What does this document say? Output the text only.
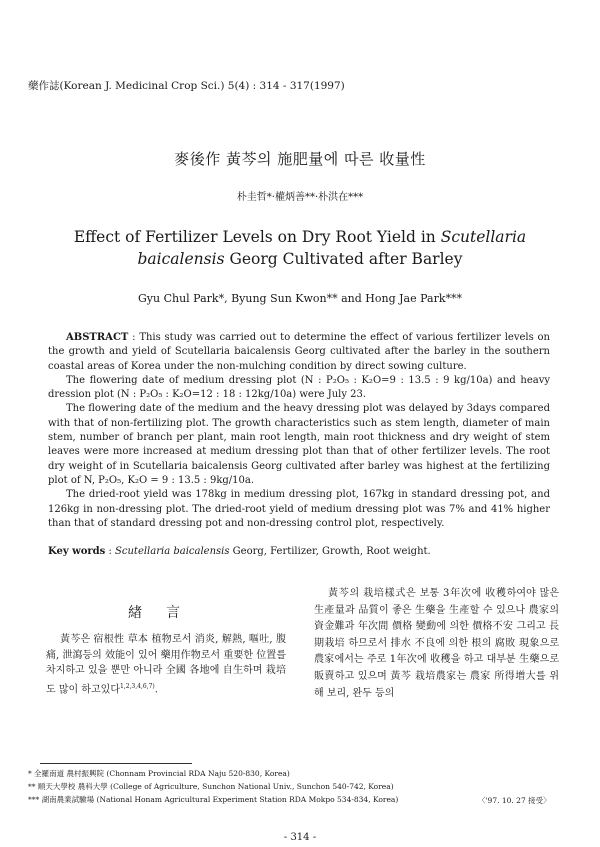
藥作誌(Korean J. Medicinal Crop Sci.) 5(4) : 314 - 317(1997)
麥後作 黃芩의 施肥量에 따른 收量性
朴圭哲*·權炳善**·朴洪在***
Effect of Fertilizer Levels on Dry Root Yield in Scutellaria baicalensis Georg Cultivated after Barley
Gyu Chul Park*, Byung Sun Kwon** and Hong Jae Park***

ABSTRACT : This study was carried out to determine the effect of various fertilizer levels on the growth and yield of Scutellaria baicalensis Georg cultivated after the barley in the southern coastal areas of Korea under the non-mulching condition by direct sowing culture.

The flowering date of medium dressing plot (N : P₂O₅ : K₂O=9 : 13.5 : 9 kg/10a) and heavy dression plot (N : P₂O₅ : K₂O=12 : 18 : 12kg/10a) were July 23.

The flowering date of the medium and the heavy dressing plot was delayed by 3days compared with that of non-fertilizing plot. The growth characteristics such as stem length, diameter of main stem, number of branch per plant, main root length, main root thickness and dry weight of stem leaves were more increased at medium dressing plot than that of other fertilizer levels. The root dry weight of in Scutellaria baicalensis Georg cultivated after barley was highest at the fertilizing plot of N, P₂O₅, K₂O = 9 : 13.5 : 9kg/10a.

The dried-root yield was 178kg in medium dressing plot, 167kg in standard dressing pot, and 126kg in non-dressing plot. The dried-root yield of medium dressing plot was 7% and 41% higher than that of standard dressing pot and non-dressing control plot, respectively.

Key words : Scutellaria baicalensis Georg, Fertilizer, Growth, Root weight.
緖言

黃芩은 宿根性 草本 植物로서 消炎, 解熱, 嘔吐, 腹痛, 泄瀉등의 效能이 있어 藥用作物로서 重要한 位置를 차지하고 있을 뿐만 아니라 全國 各地에 自生하며 栽培도 많이 하고있다$^{1,2,3,4,6,7)}$.

黃芩의 栽培樣式은 보통 3年次에 收穫하여야 많은 生產量과 品質이 좋은 生藥을 生產할 수 있으나 農家의 資金難과 年次間 價格 變動에 의한 價格不安 그리고 長期栽培 하므로서 排水 不良에 의한 根의 腐敗 現象으로 農家에서는 주로 1年次에 收穫을 하고 대부분 生藥으로 販賣하고 있으며 黃芩 栽培農家는 農家 所得增大를 위해 보리, 완두 등의

* 全羅南道 農村振興院 (Chonnam Provincial RDA Naju 520-830, Korea)
** 順天大學校 農科大學 (College of Agriculture, Sunchon National Univ., Sunchon 540-742, Korea)
*** 湖南農業試驗場 (National Honam Agricultural Experiment Station RDA Mokpo 534-834, Korea)	〈'97. 10. 27 接受〉
- 314 -
